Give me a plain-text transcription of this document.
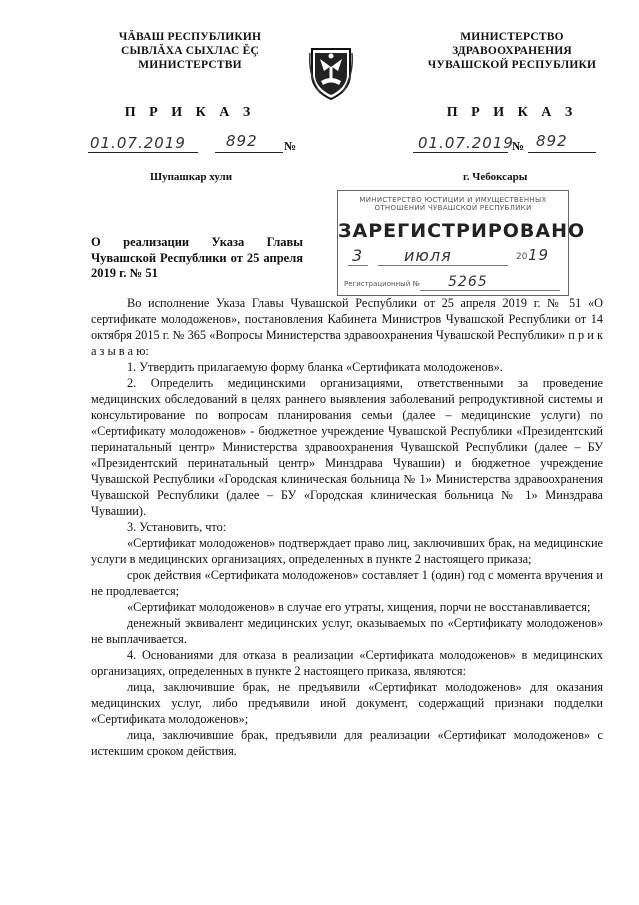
ЧĂВАШ РЕСПУБЛИКИН
СЫВЛĂХА СЫХЛАС ĔÇ
МИНИСТЕРСТВИ
МИНИСТЕРСТВО
ЗДРАВООХРАНЕНИЯ
ЧУВАШСКОЙ РЕСПУБЛИКИ
П Р И К А З	П Р И К А З
01.07.2019	892 №	01.07.2019
№ 892
Шупашкар хули	г. Чебоксары
МИНИСТЕРСТВО ЮСТИЦИИ И ИМУЩЕСТВЕННЫХ
ОТНОШЕНИЙ ЧУВАШСКОЙ РЕСПУБЛИКИ
ЗАРЕГИСТРИРОВАНО
3	июля	20 19
Регистрационный № 5265
О реализации Указа Главы Чувашской Республики от 25 апреля 2019 г. № 51

Во исполнение Указа Главы Чувашской Республики от 25 апреля 2019 г. № 51 «О сертификате молодоженов», постановления Кабинета Министров Чувашской Республики от 14 октября 2015 г. № 365 «Вопросы Министерства здравоохранения Чувашской Республики» п р и к а з ы в а ю:

1. Утвердить прилагаемую форму бланка «Сертификата молодоженов».

2. Определить медицинскими организациями, ответственными за проведение медицинских обследований в целях раннего выявления заболеваний репродуктивной системы и консультирование по вопросам планирования семьи (далее – медицинские услуги) по «Сертификату молодоженов» - бюджетное учреждение Чувашской Республики «Президентский перинатальный центр» Министерства здравоохранения Чувашской Республики (далее – БУ «Президентский перинатальный центр» Минздрава Чувашии) и бюджетное учреждение Чувашской Республики «Городская клиническая больница № 1» Министерства здравоохранения Чувашской Республики (далее – БУ «Городская клиническая больница № 1» Минздрава Чувашии).

3. Установить, что:

«Сертификат молодоженов» подтверждает право лиц, заключивших брак, на медицинские услуги в медицинских организациях, определенных в пункте 2 настоящего приказа;

срок действия «Сертификата молодоженов» составляет 1 (один) год с момента вручения и не продлевается;

«Сертификат молодоженов» в случае его утраты, хищения, порчи не восстанавливается;

денежный эквивалент медицинских услуг, оказываемых по «Сертификату молодоженов» не выплачивается.

4. Основаниями для отказа в реализации «Сертификата молодоженов» в медицинских организациях, определенных в пункте 2 настоящего приказа, являются:

лица, заключившие брак, не предъявили «Сертификат молодоженов» для оказания медицинских услуг, либо предъявили иной документ, содержащий признаки подделки «Сертификата молодоженов»;

лица, заключившие брак, предъявили для реализации «Сертификат молодоженов» с истекшим сроком действия.
